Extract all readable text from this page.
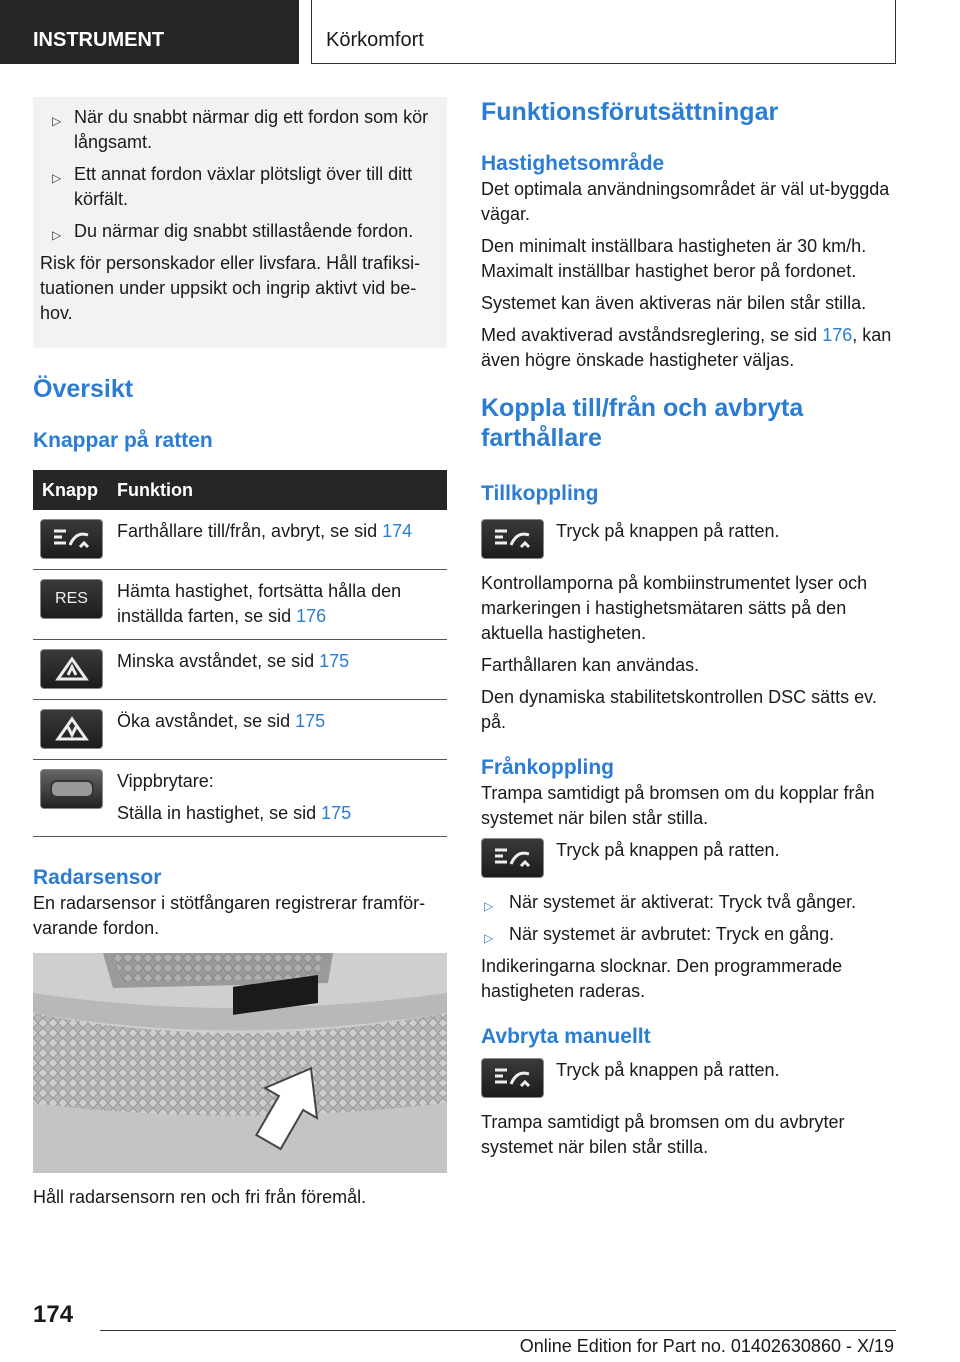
INSTRUMENT	Körkomfort
▷ När du snabbt närmar dig ett fordon som kör långsamt.
▷ Ett annat fordon växlar plötsligt över till ditt körfält.
▷ Du närmar dig snabbt stillastående fordon.
Risk för personskador eller livsfara. Håll trafiksi-tuationen under uppsikt och ingrip aktivt vid be-hov.
Översikt
Knappar på ratten
Knapp	Funktion
Farthållare till/från, avbryt, se sid 174
RES	Hämta hastighet, fortsätta hålla den inställda farten, se sid 176
Minska avståndet, se sid 175
Öka avståndet, se sid 175
Vippbrytare:
Ställa in hastighet, se sid 175
Radarsensor
En radarsensor i stötfångaren registrerar framför-varande fordon.
Håll radarsensorn ren och fri från föremål.
Funktionsförutsättningar
Hastighetsområde
Det optimala användningsområdet är väl ut-byggda vägar.
Den minimalt inställbara hastigheten är 30 km/h. Maximalt inställbar hastighet beror på fordonet.
Systemet kan även aktiveras när bilen står stilla.
Med avaktiverad avståndsreglering, se sid 176, kan även högre önskade hastigheter väljas.
Koppla till/från och avbryta farthållare
Tillkoppling
Tryck på knappen på ratten.
Kontrollamporna på kombiinstrumentet lyser och markeringen i hastighetsmätaren sätts på den aktuella hastigheten.
Farthållaren kan användas.
Den dynamiska stabilitetskontrollen DSC sätts ev. på.
Frånkoppling
Trampa samtidigt på bromsen om du kopplar från systemet när bilen står stilla.
Tryck på knappen på ratten.
▷ När systemet är aktiverat: Tryck två gånger.
▷ När systemet är avbrutet: Tryck en gång.
Indikeringarna slocknar. Den programmerade hastigheten raderas.
Avbryta manuellt
Tryck på knappen på ratten.
Trampa samtidigt på bromsen om du avbryter systemet när bilen står stilla.
174
Online Edition for Part no. 01402630860 - X/19
